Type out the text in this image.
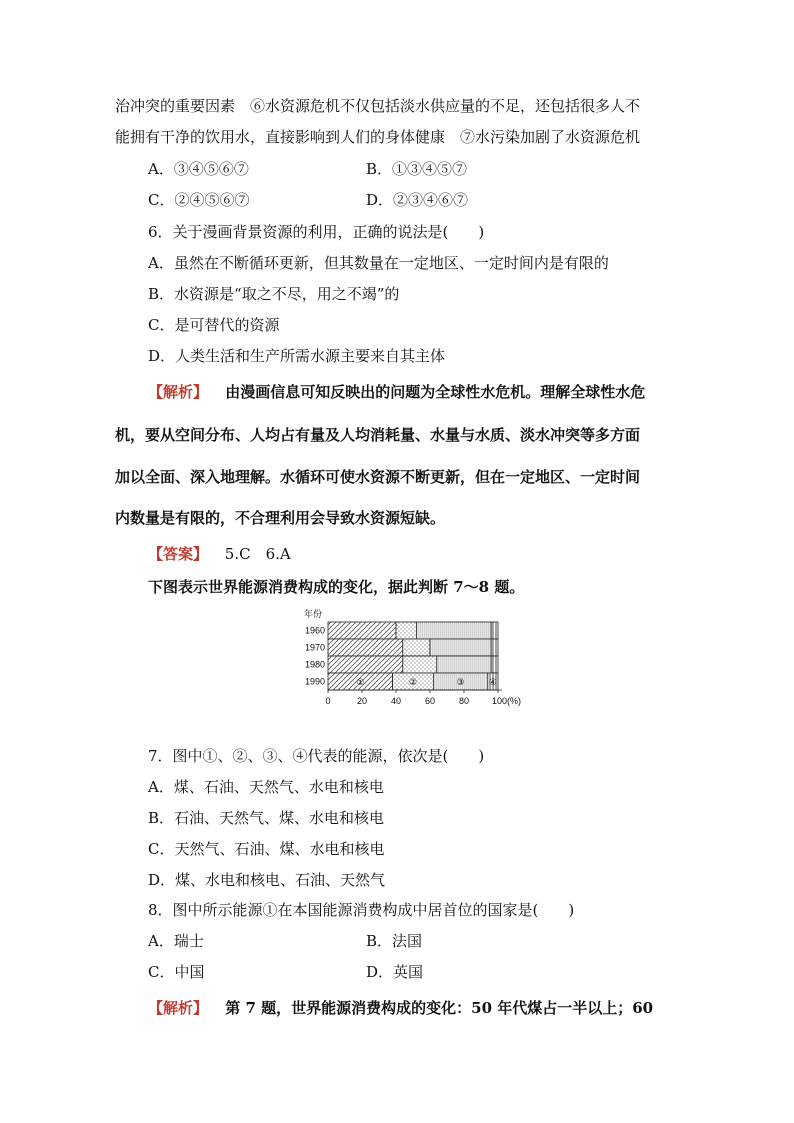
治冲突的重要因素　⑥水资源危机不仅包括淡水供应量的不足，还包括很多人不
能拥有干净的饮用水，直接影响到人们的身体健康　⑦水污染加剧了水资源危机
A．③④⑤⑥⑦	B．①③④⑤⑦
C．②④⑤⑥⑦	D．②③④⑥⑦
6．关于漫画背景资源的利用，正确的说法是(　　)
A．虽然在不断循环更新，但其数量在一定地区、一定时间内是有限的
B．水资源是“取之不尽，用之不竭”的
C．是可替代的资源
D．人类生活和生产所需水源主要来自其主体
【解析】 由漫画信息可知反映出的问题为全球性水危机。理解全球性水危
机，要从空间分布、人均占有量及人均消耗量、水量与水质、淡水冲突等多方面
加以全面、深入地理解。水循环可使水资源不断更新，但在一定地区、一定时间
内数量是有限的，不合理利用会导致水资源短缺。
【答案】 5.C　6.A
下图表示世界能源消费构成的变化，据此判断 7～8 题。
①	②	③	④
年份
1960
1970
1980
1990
0	20	40	60	80	100(%)
7．图中①、②、③、④代表的能源，依次是(　　)
A．煤、石油、天然气、水电和核电
B．石油、天然气、煤、水电和核电
C．天然气、石油、煤、水电和核电
D．煤、水电和核电、石油、天然气
8．图中所示能源①在本国能源消费构成中居首位的国家是(　　)
A．瑞士	B．法国
C．中国	D．英国
【解析】 第 7 题，世界能源消费构成的变化：50 年代煤占一半以上；60
